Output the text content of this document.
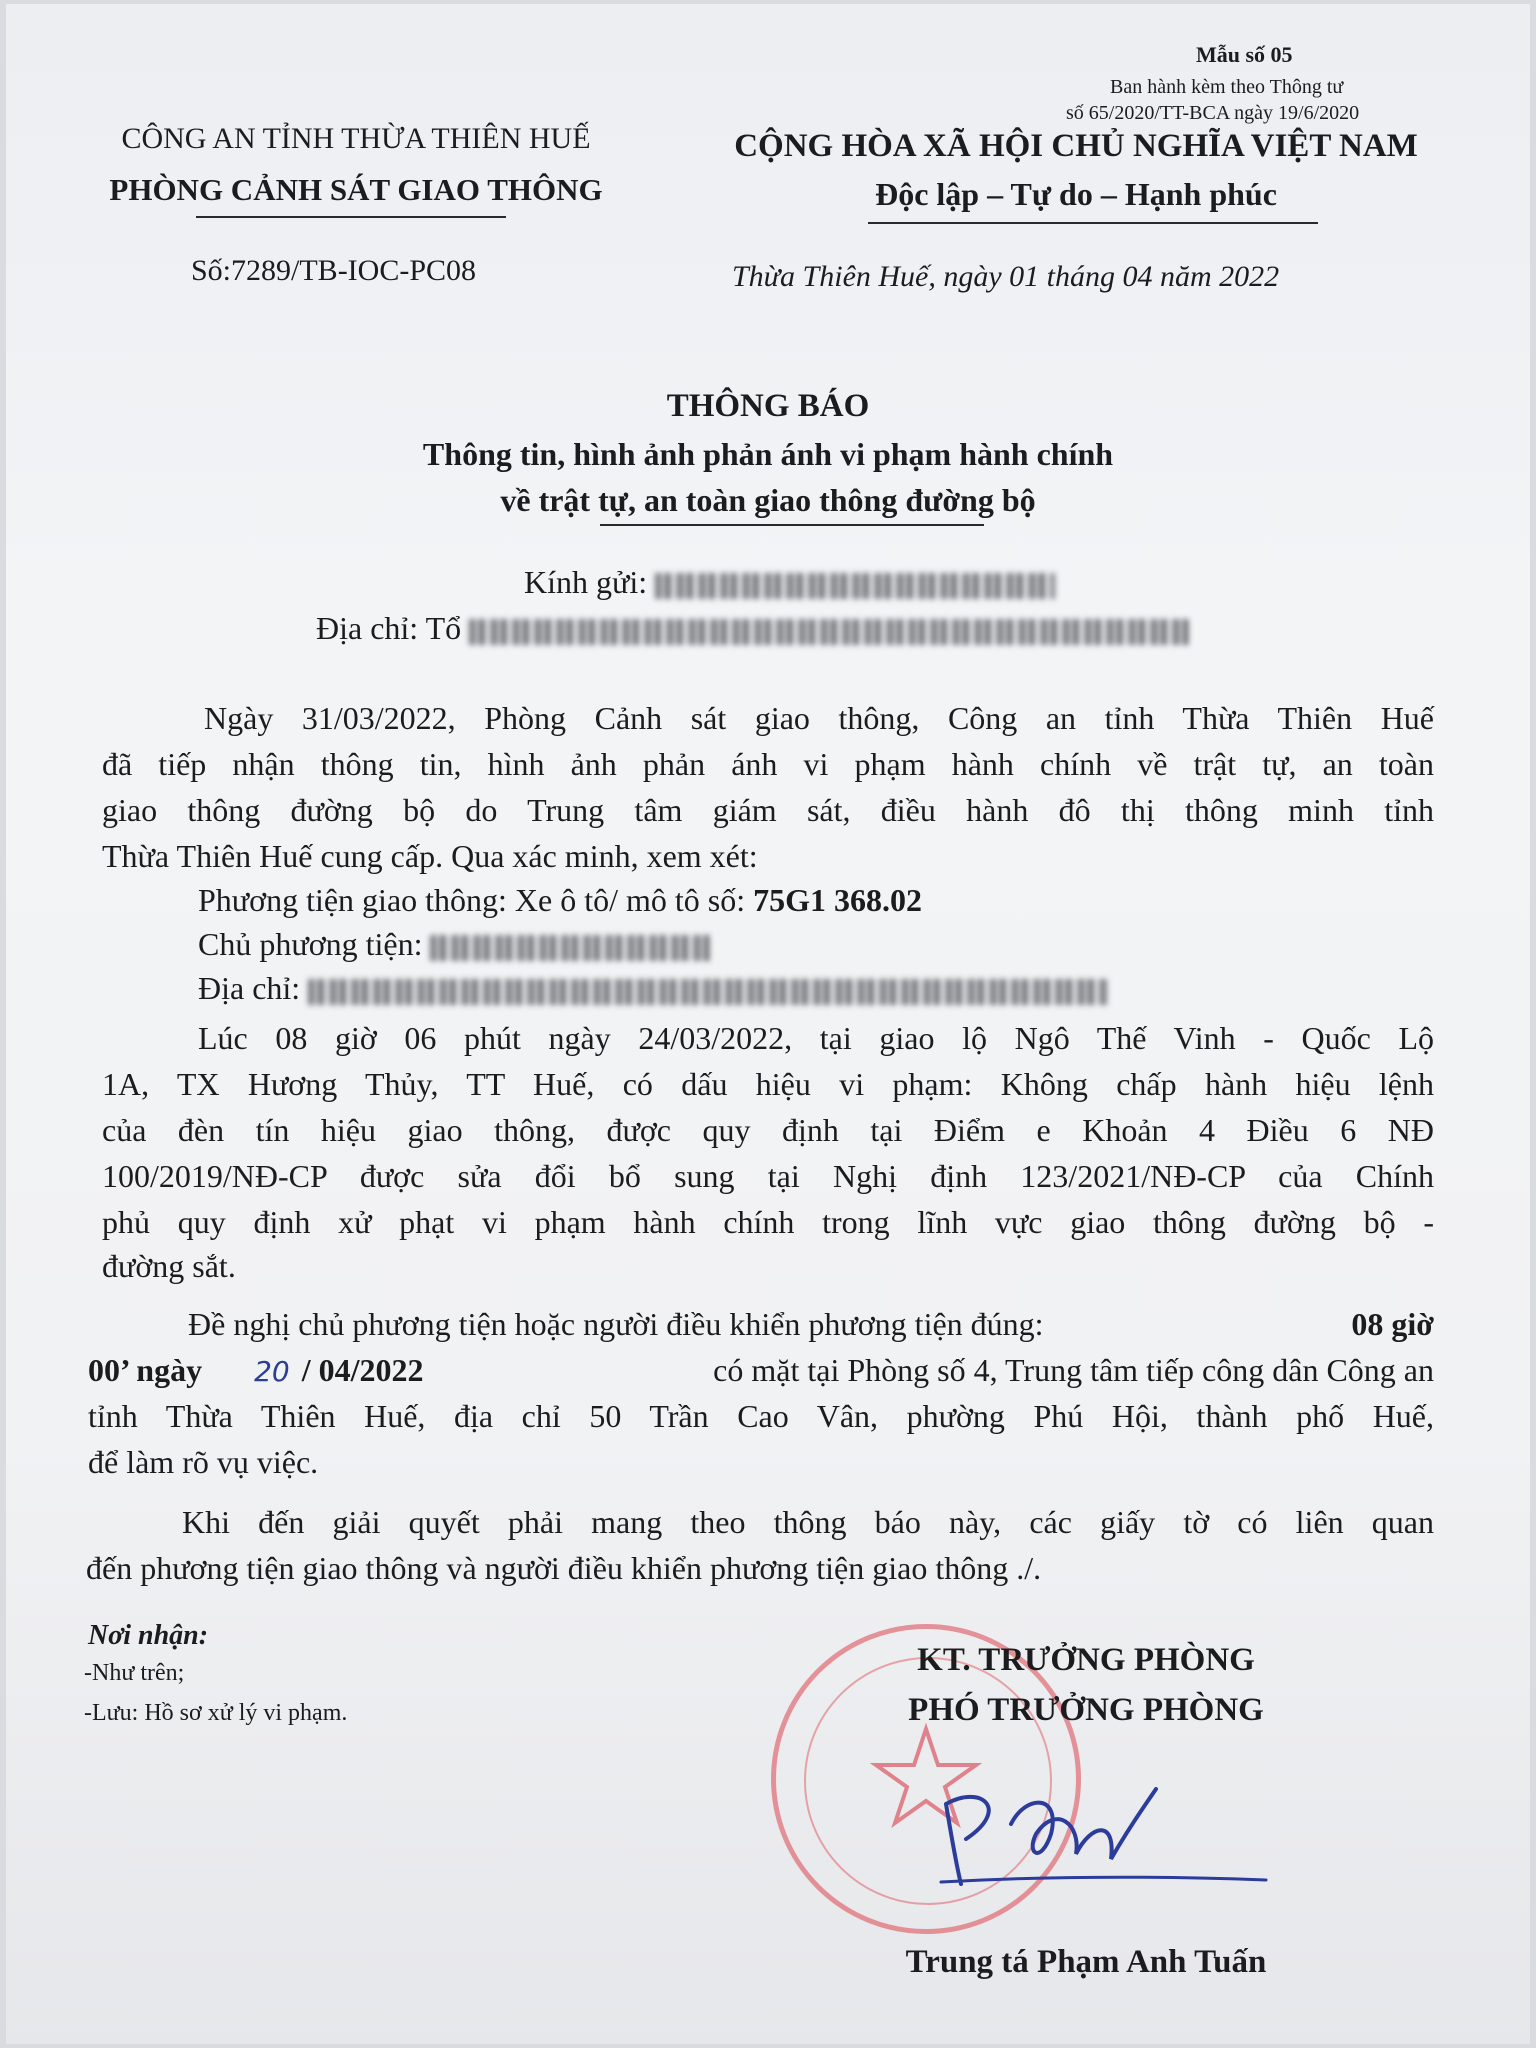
Mẫu số 05
Ban hành kèm theo Thông tư
số 65/2020/TT-BCA ngày 19/6/2020
CÔNG AN TỈNH THỪA THIÊN HUẾ
PHÒNG CẢNH SÁT GIAO THÔNG
Số:7289/TB-IOC-PC08
CỘNG HÒA XÃ HỘI CHỦ NGHĨA VIỆT NAM
Độc lập – Tự do – Hạnh phúc
Thừa Thiên Huế, ngày 01 tháng 04 năm 2022
THÔNG BÁO
Thông tin, hình ảnh phản ánh vi phạm hành chính
về trật tự, an toàn giao thông đường bộ
Kính gửi:
Địa chỉ: Tổ
Ngày 31/03/2022, Phòng Cảnh sát giao thông, Công an tỉnh Thừa Thiên Huế
đã tiếp nhận thông tin, hình ảnh phản ánh vi phạm hành chính về trật tự, an toàn
giao thông đường bộ do Trung tâm giám sát, điều hành đô thị thông minh tỉnh
Thừa Thiên Huế cung cấp. Qua xác minh, xem xét:
Phương tiện giao thông: Xe ô tô/ mô tô số: 75G1 368.02
Chủ phương tiện:
Địa chỉ:
Lúc 08 giờ 06 phút ngày 24/03/2022, tại giao lộ Ngô Thế Vinh - Quốc Lộ
1A, TX Hương Thủy, TT Huế, có dấu hiệu vi phạm: Không chấp hành hiệu lệnh
của đèn tín hiệu giao thông, được quy định tại Điểm e Khoản 4 Điều 6 NĐ
100/2019/NĐ-CP được sửa đổi bổ sung tại Nghị định 123/2021/NĐ-CP của Chính
phủ quy định xử phạt vi phạm hành chính trong lĩnh vực giao thông đường bộ -
đường sắt.
Đề nghị chủ phương tiện hoặc người điều khiển phương tiện đúng:	08 giờ
00’ ngày 20 / 04/2022	có mặt tại Phòng số 4, Trung tâm tiếp công dân Công an
tỉnh Thừa Thiên Huế, địa chỉ 50 Trần Cao Vân, phường Phú Hội, thành phố Huế,
để làm rõ vụ việc.
Khi đến giải quyết phải mang theo thông báo này, các giấy tờ có liên quan
đến phương tiện giao thông và người điều khiển phương tiện giao thông ./.
Nơi nhận:
-Như trên;
-Lưu: Hồ sơ xử lý vi phạm.
KT. TRƯỞNG PHÒNG
PHÓ TRƯỞNG PHÒNG
Trung tá Phạm Anh Tuấn
